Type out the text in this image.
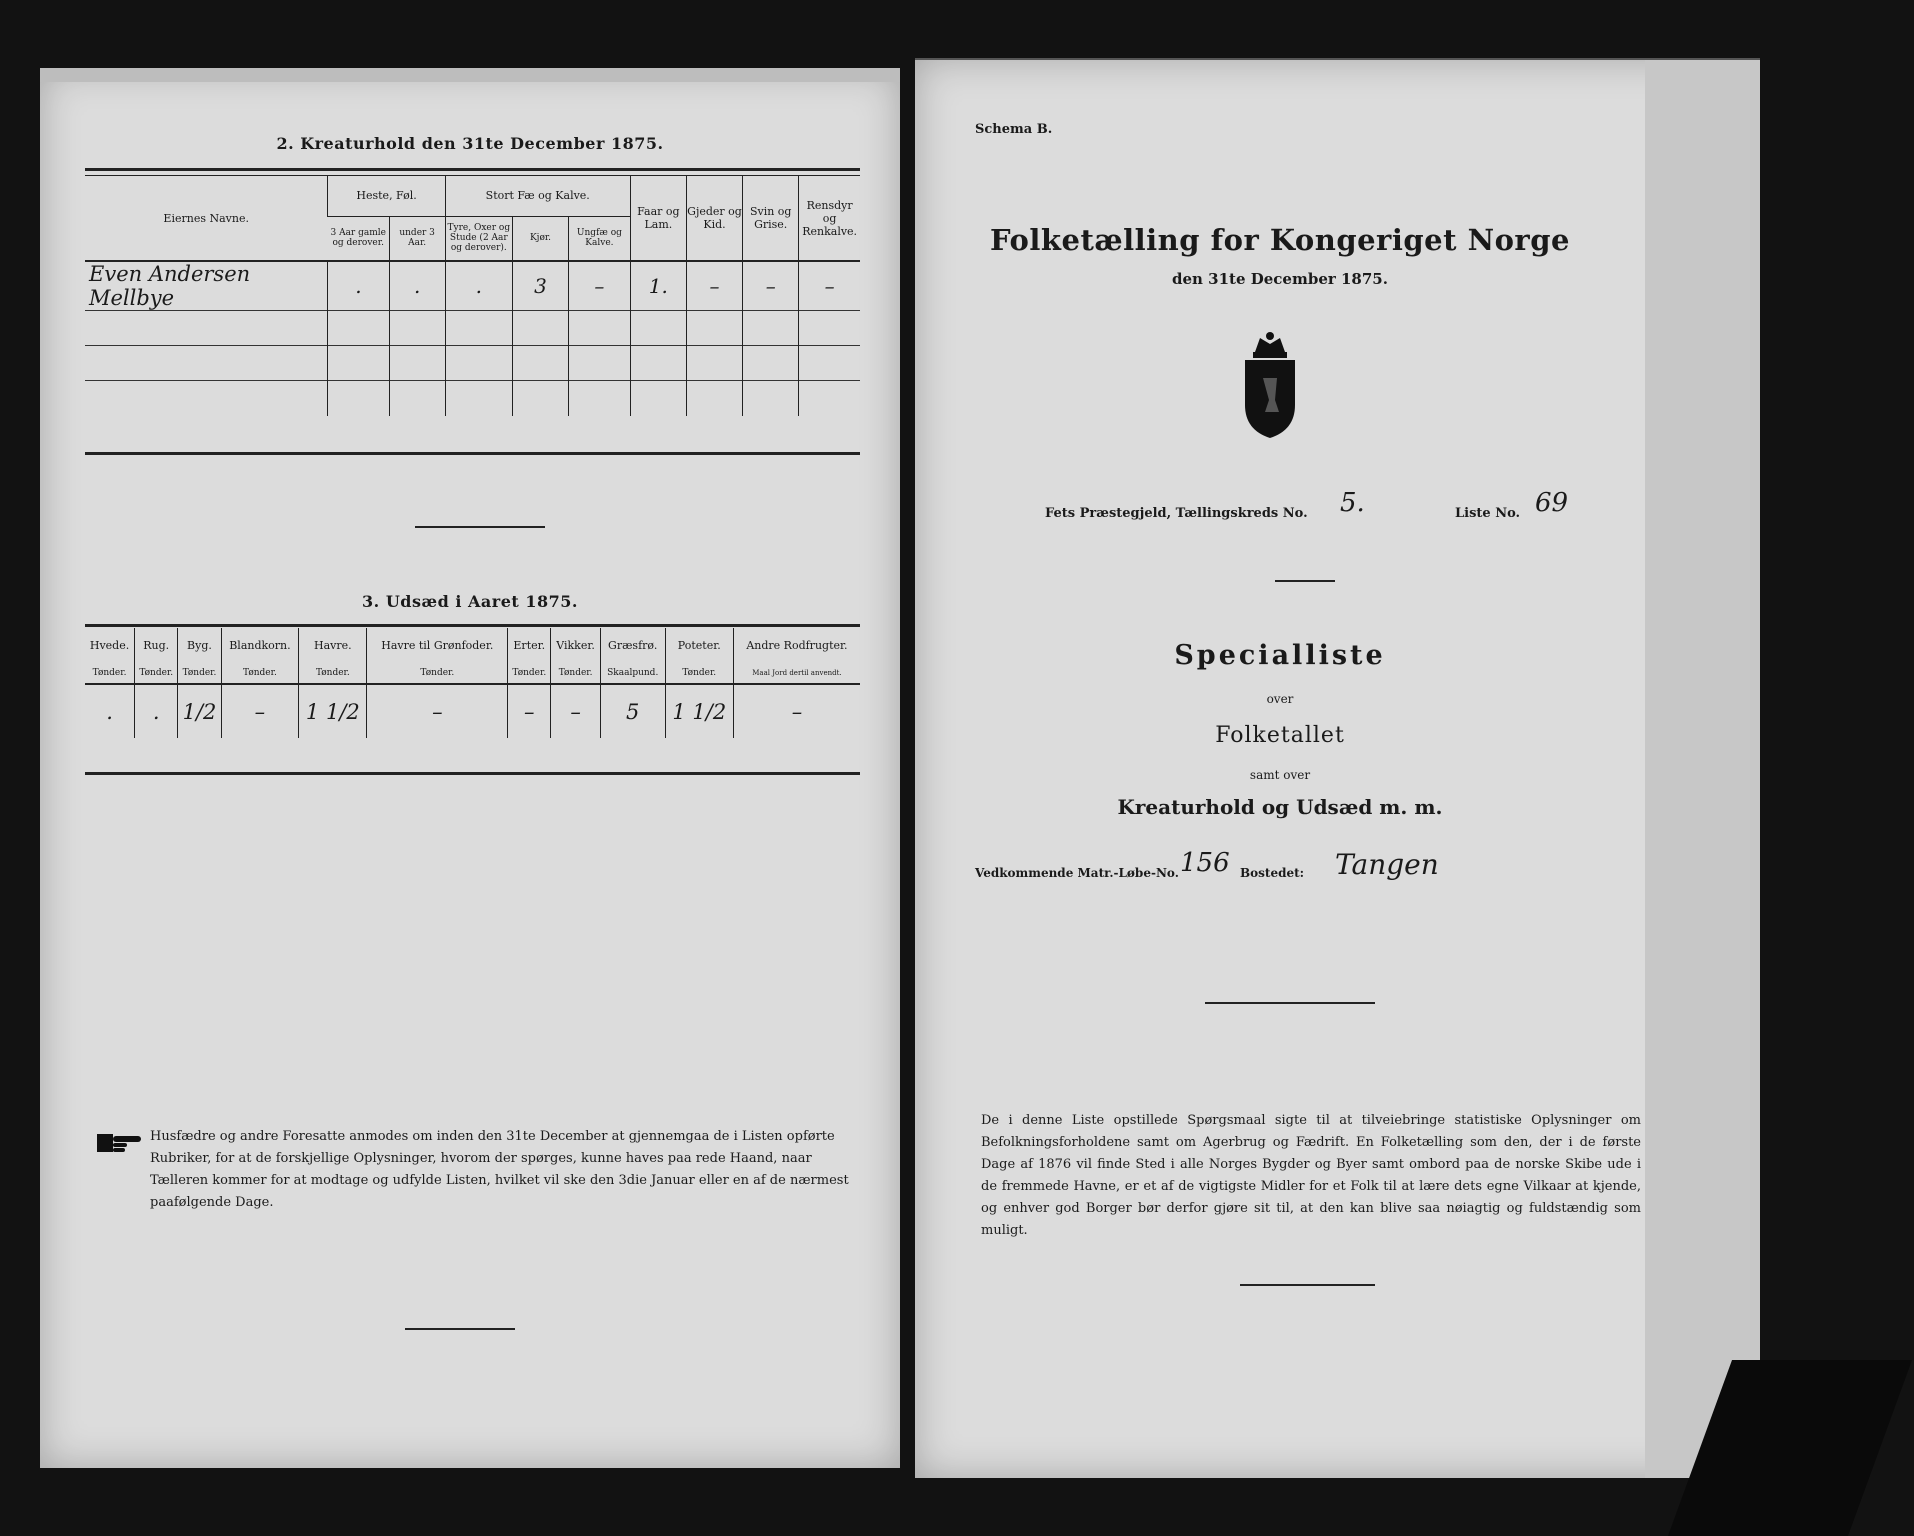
2. Kreaturhold den 31te December 1875.
Eiernes Navne.	Heste, Føl.		Stort Fæ og Kalve.			Faar og Lam.	Gjeder og Kid.	Svin og Grise.	Rensdyr og Renkalve.
	3 Aar gamle og derover.	under 3 Aar.	Tyre, Oxer og Stude (2 Aar og derover).	Kjør.	Ungfæ og Kalve.				
Even Andersen Mellbye	.	.	.	3	–	1.	–	–	–

3. Udsæd i Aaret 1875.
Hvede.	Rug.	Byg.	Blandkorn.	Havre.	Havre til Grønfoder.	Erter.	Vikker.	Græsfrø.	Poteter.	Andre Rodfrugter.
Tønder.	Tønder.	Tønder.	Tønder.	Tønder.	Tønder.	Tønder.	Tønder.	Skaalpund.	Tønder.	Maal Jord dertil anvendt.
.	.	1/2	–	1 1/2	–	–	–	5	1 1/2	–
Husfædre og andre Foresatte anmodes om inden den 31te December at gjennemgaa de i Listen opførte Rubriker, for at de forskjellige Oplysninger, hvorom der spørges, kunne haves paa rede Haand, naar Tælleren kommer for at modtage og udfylde Listen, hvilket vil ske den 3die Januar eller en af de nærmest paafølgende Dage.
Schema B.
Folketælling for Kongeriget Norge
den 31te December 1875.
Fets Præstegjeld, Tællingskreds No. 5.	Liste No. 69
Specialliste
over
Folketallet
samt over
Kreaturhold og Udsæd m. m.
Vedkommende Matr.-Løbe-No. 156 Bostedet: Tangen
De i denne Liste opstillede Spørgsmaal sigte til at tilveiebringe statistiske Oplysninger om Befolkningsforholdene samt om Agerbrug og Fædrift. En Folketælling som den, der i de første Dage af 1876 vil finde Sted i alle Norges Bygder og Byer samt ombord paa de norske Skibe ude i de fremmede Havne, er et af de vigtigste Midler for et Folk til at lære dets egne Vilkaar at kjende, og enhver god Borger bør derfor gjøre sit til, at den kan blive saa nøiagtig og fuldstændig som muligt.
